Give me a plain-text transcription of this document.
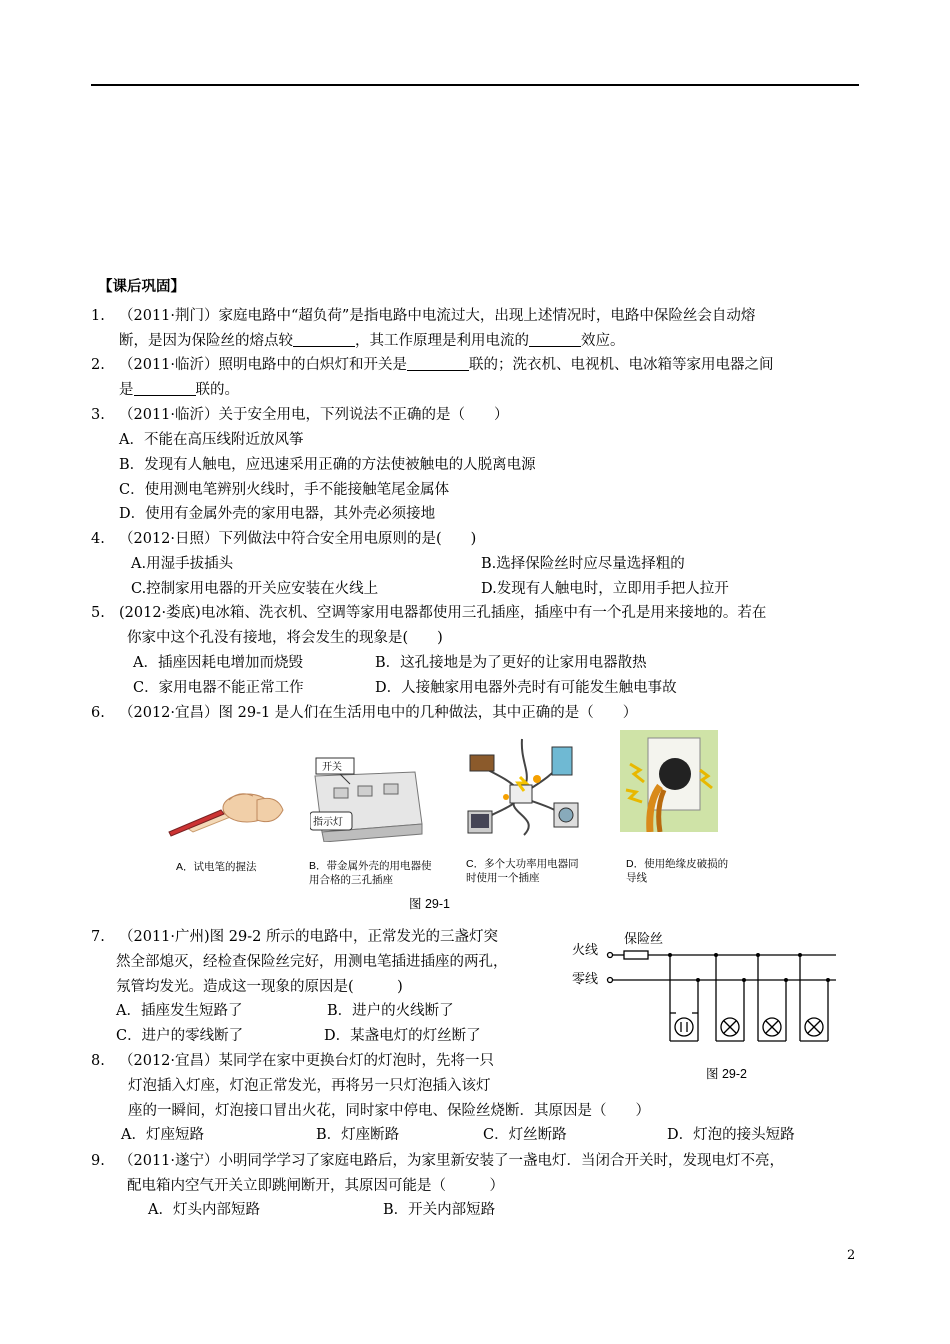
【课后巩固】
1. （2011·荆门）家庭电路中“超负荷”是指电路中电流过大，出现上述情况时，电路中保险丝会自动熔
断，是因为保险丝的熔点较	，其工作原理是利用电流的	效应。
2. （2011·临沂）照明电路中的白炽灯和开关是	联的；洗衣机、电视机、电冰箱等家用电器之间
是	联的。
3. （2011·临沂）关于安全用电，下列说法不正确的是（　　）
A．不能在高压线附近放风筝
B．发现有人触电，应迅速采用正确的方法使被触电的人脱离电源
C．使用测电笔辨别火线时，手不能接触笔尾金属体
D．使用有金属外壳的家用电器，其外壳必须接地
4. （2012·日照）下列做法中符合安全用电原则的是(　　)
A.用湿手拔插头	B.选择保险丝时应尽量选择粗的
C.控制家用电器的开关应安装在火线上	D.发现有人触电时，立即用手把人拉开
5. (2012·娄底)电冰箱、洗衣机、空调等家用电器都使用三孔插座，插座中有一个孔是用来接地的。若在
你家中这个孔没有接地，将会发生的现象是(　　)
A．插座因耗电增加而烧毁	B．这孔接地是为了更好的让家用电器散热
C．家用电器不能正常工作	D．人接触家用电器外壳时有可能发生触电事故
6. （2012·宜昌）图 29-1 是人们在生活用电中的几种做法，其中正确的是（　　）
开关
指示灯
A．试电笔的握法	B．带金属外壳的用电器使用合格的三孔插座
C．多个大功率用电器同时使用一个插座
D．使用绝缘皮破损的导线
图 29-1
7. （2011·广州)图 29-2 所示的电路中，正常发光的三盏灯突
然全部熄灭，经检查保险丝完好，用测电笔插进插座的两孔，
氖管均发光。造成这一现象的原因是(　　　)
A．插座发生短路了	B．进户的火线断了
C．进户的零线断了	D．某盏电灯的灯丝断了
火线
零线
保险丝
图 29-2
8. （2012·宜昌）某同学在家中更换台灯的灯泡时，先将一只
灯泡插入灯座，灯泡正常发光，再将另一只灯泡插入该灯
座的一瞬间，灯泡接口冒出火花，同时家中停电、保险丝烧断．其原因是（　　）
A．灯座短路	B．灯座断路	C．灯丝断路	D．灯泡的接头短路
9. （2011·遂宁）小明同学学习了家庭电路后，为家里新安装了一盏电灯．当闭合开关时，发现电灯不亮，
配电箱内空气开关立即跳闸断开，其原因可能是（　　　）
A．灯头内部短路	B．开关内部短路
2
